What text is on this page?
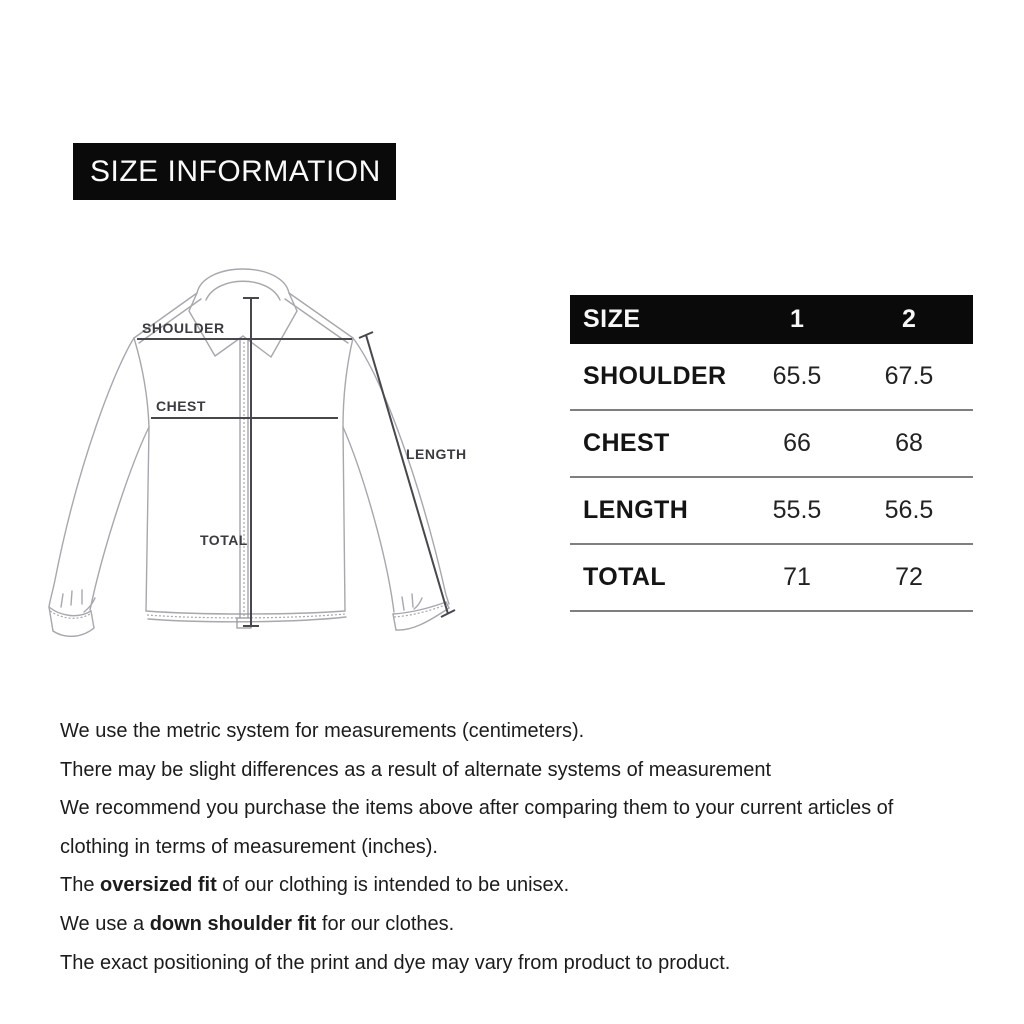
SIZE INFORMATION
SHOULDER
CHEST
LENGTH
TOTAL
SIZE	1	2
SHOULDER	65.5	67.5
CHEST	66	68
LENGTH	55.5	56.5
TOTAL	71	72

We use the metric system for measurements (centimeters).

There may be slight differences as a result of alternate systems of measurement

We recommend you purchase the items above after comparing them to your current articles of

clothing in terms of measurement (inches).

The oversized fit of our clothing is intended to be unisex.

We use a down shoulder fit for our clothes.

The exact positioning of the print and dye may vary from product to product.
